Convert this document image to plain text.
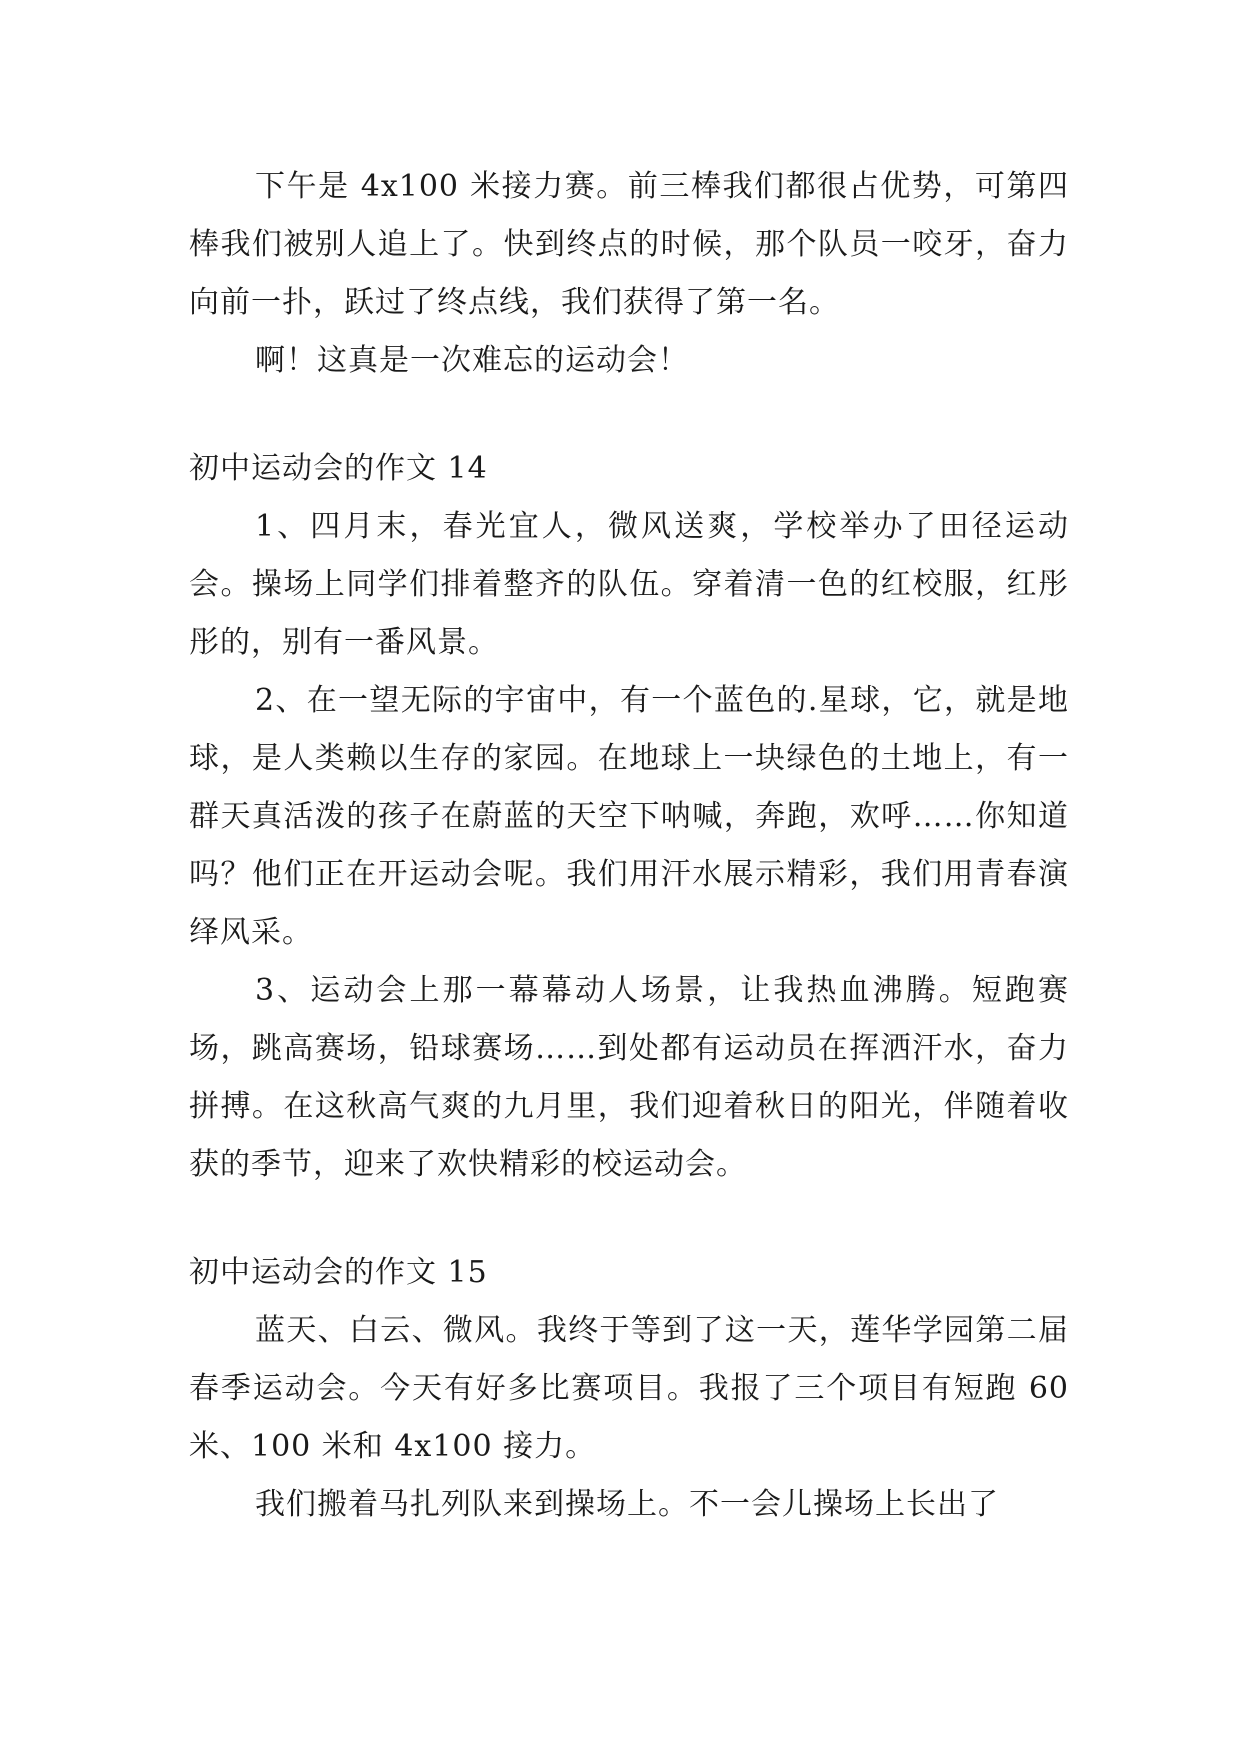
下午是 4x100 米接力赛。前三棒我们都很占优势，可第四棒我们被别人追上了。快到终点的时候，那个队员一咬牙，奋力向前一扑，跃过了终点线，我们获得了第一名。

啊！这真是一次难忘的运动会！

初中运动会的作文 14

1、四月末，春光宜人，微风送爽，学校举办了田径运动会。操场上同学们排着整齐的队伍。穿着清一色的红校服，红彤彤的，别有一番风景。

2、在一望无际的宇宙中，有一个蓝色的.星球，它，就是地球，是人类赖以生存的家园。在地球上一块绿色的土地上，有一群天真活泼的孩子在蔚蓝的天空下呐喊，奔跑，欢呼……你知道吗？他们正在开运动会呢。我们用汗水展示精彩，我们用青春演绎风采。

3、运动会上那一幕幕动人场景，让我热血沸腾。短跑赛场，跳高赛场，铅球赛场……到处都有运动员在挥洒汗水，奋力拼搏。在这秋高气爽的九月里，我们迎着秋日的阳光，伴随着收获的季节，迎来了欢快精彩的校运动会。

初中运动会的作文 15

蓝天、白云、微风。我终于等到了这一天，莲华学园第二届春季运动会。今天有好多比赛项目。我报了三个项目有短跑 60 米、100 米和 4x100 接力。

我们搬着马扎列队来到操场上。不一会儿操场上长出了
